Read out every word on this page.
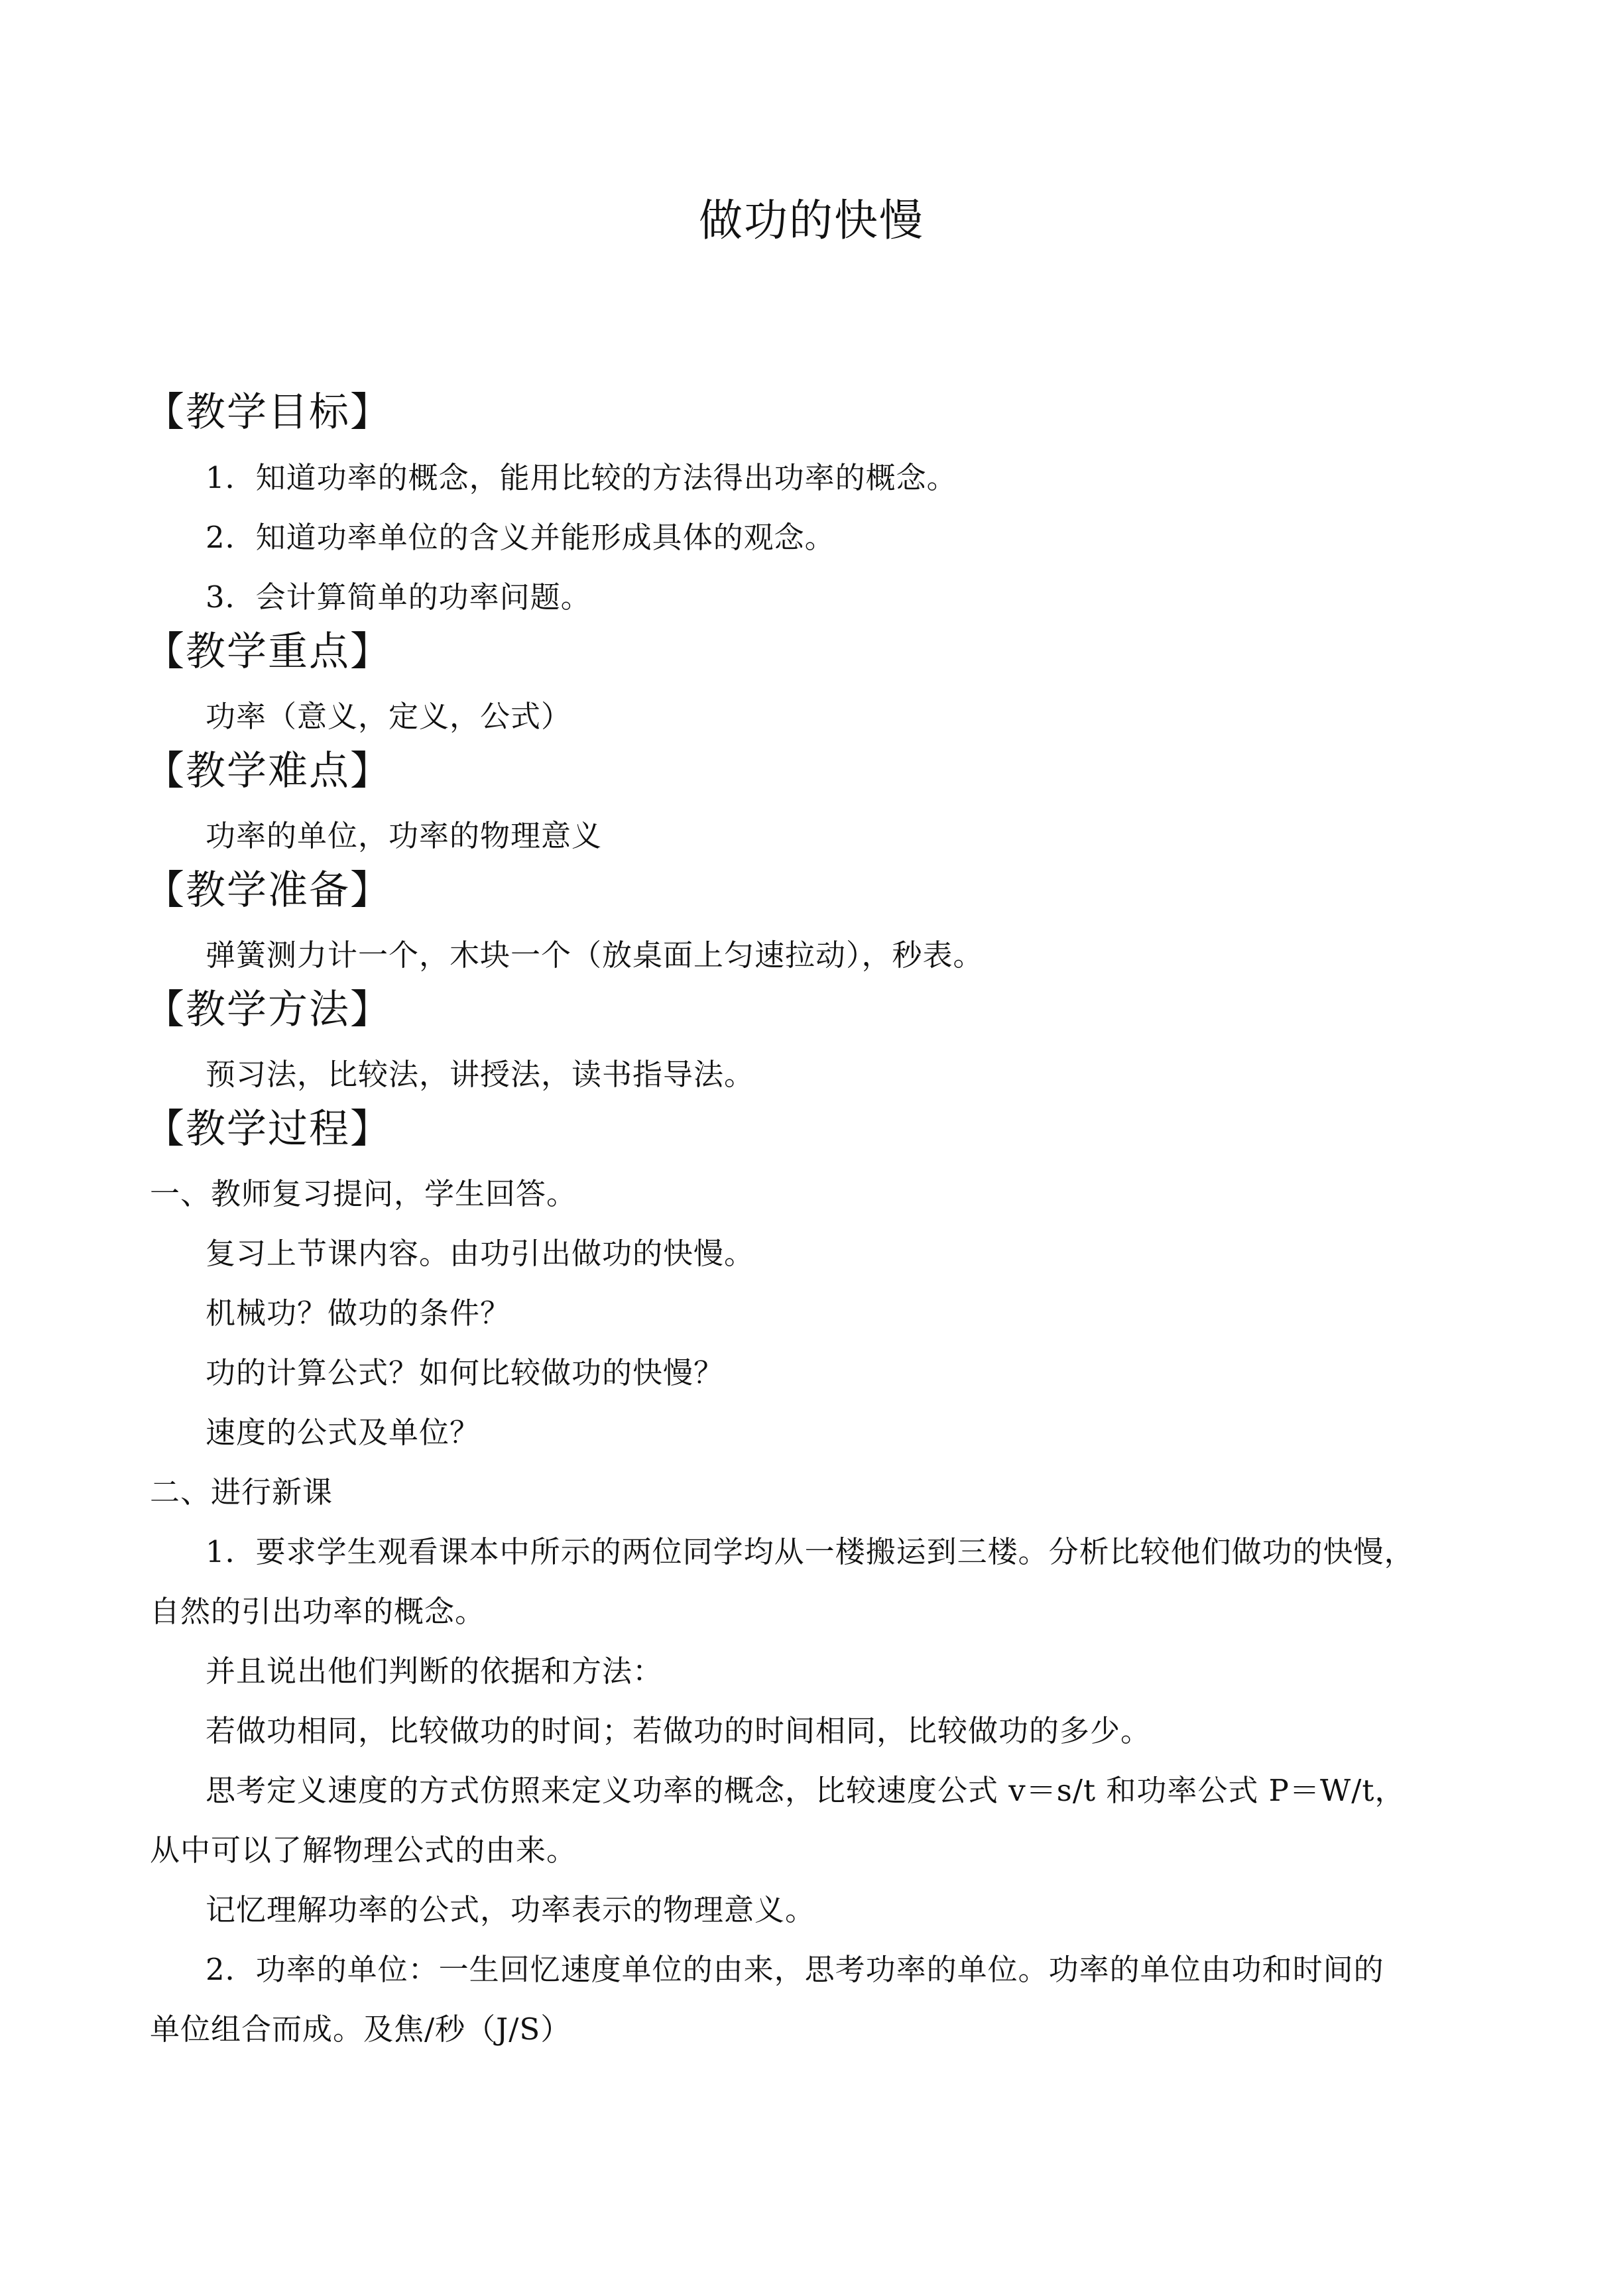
做功的快慢
【教学目标】
1．知道功率的概念，能用比较的方法得出功率的概念。
2．知道功率单位的含义并能形成具体的观念。
3．会计算简单的功率问题。
【教学重点】
功率（意义，定义，公式）
【教学难点】
功率的单位，功率的物理意义
【教学准备】
弹簧测力计一个，木块一个（放桌面上匀速拉动），秒表。
【教学方法】
预习法，比较法，讲授法，读书指导法。
【教学过程】
一、教师复习提问，学生回答。
复习上节课内容。由功引出做功的快慢。
机械功？做功的条件？
功的计算公式？如何比较做功的快慢？
速度的公式及单位？
二、进行新课
1．要求学生观看课本中所示的两位同学均从一楼搬运到三楼。分析比较他们做功的快慢，
自然的引出功率的概念。
并且说出他们判断的依据和方法：
若做功相同，比较做功的时间；若做功的时间相同，比较做功的多少。
思考定义速度的方式仿照来定义功率的概念，比较速度公式 v＝s/t 和功率公式 P＝W/t，
从中可以了解物理公式的由来。
记忆理解功率的公式，功率表示的物理意义。
2．功率的单位：一生回忆速度单位的由来，思考功率的单位。功率的单位由功和时间的
单位组合而成。及焦/秒（J/S）
